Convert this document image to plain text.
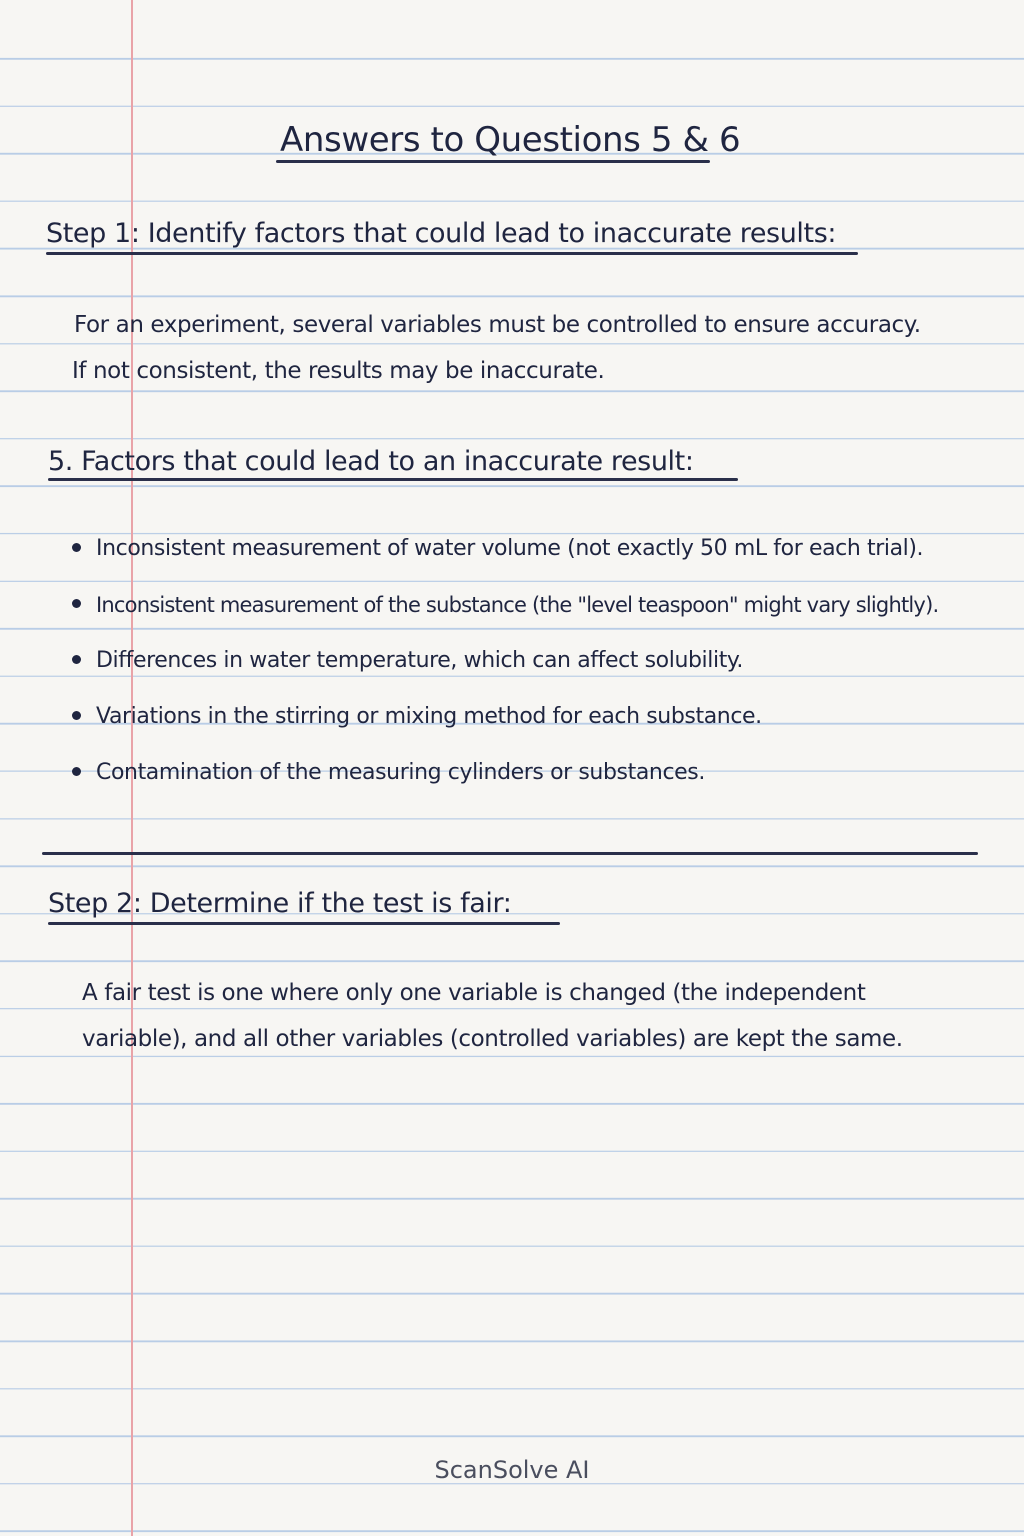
Answers to Questions 5 & 6
Step 1: Identify factors that could lead to inaccurate results:
For an experiment, several variables must be controlled to ensure accuracy.
If not consistent, the results may be inaccurate.
5. Factors that could lead to an inaccurate result:
Inconsistent measurement of water volume (not exactly 50 mL for each trial).
Inconsistent measurement of the substance (the "level teaspoon" might vary slightly).
Differences in water temperature, which can affect solubility.
Variations in the stirring or mixing method for each substance.
Contamination of the measuring cylinders or substances.
Step 2: Determine if the test is fair:
A fair test is one where only one variable is changed (the independent
variable), and all other variables (controlled variables) are kept the same.
ScanSolve AI
